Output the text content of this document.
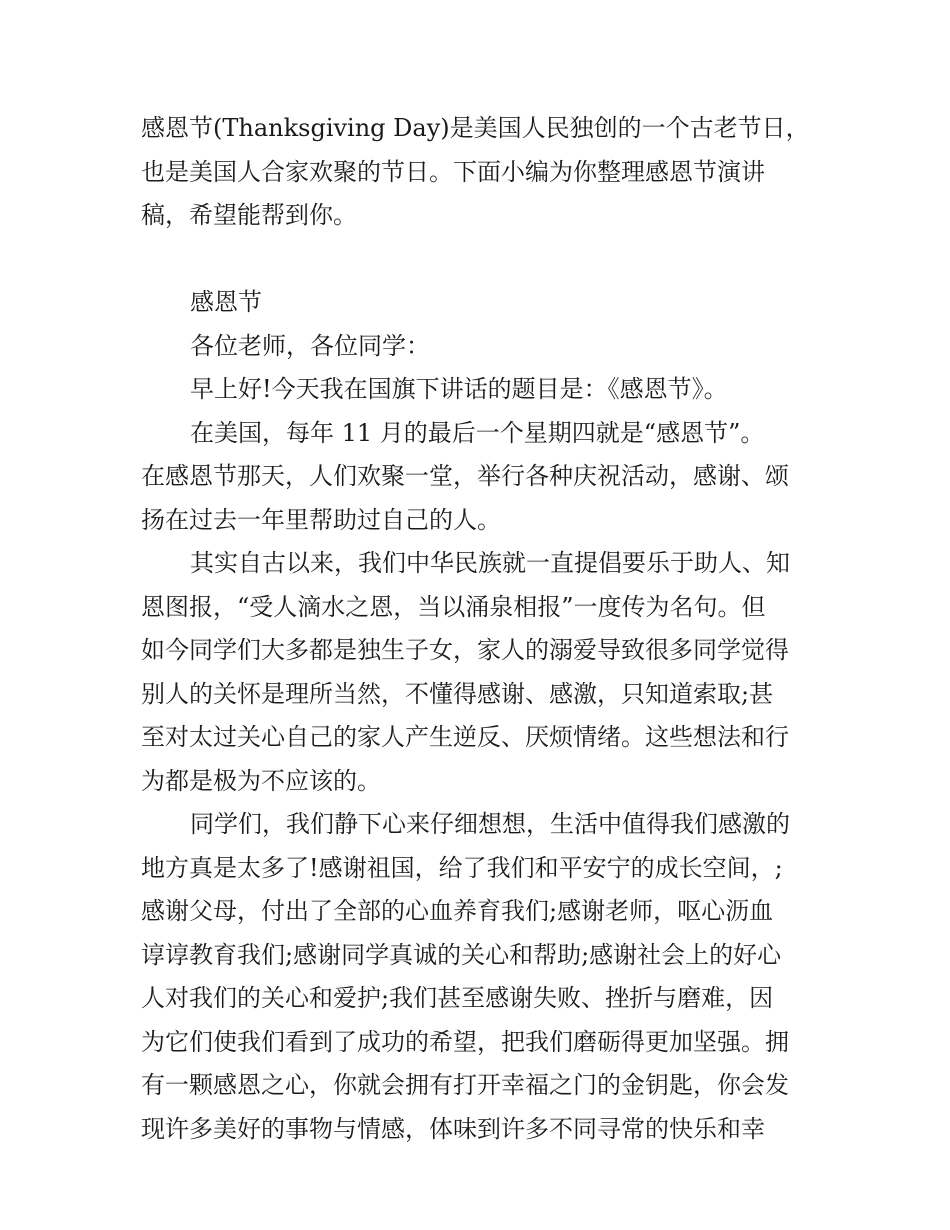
感恩节(Thanksgiving Day)是美国人民独创的一个古老节日，
也是美国人合家欢聚的节日。下面小编为你整理感恩节演讲
稿，希望能帮到你。
感恩节
各位老师，各位同学：
早上好!今天我在国旗下讲话的题目是：《感恩节》。
在美国，每年 11 月的最后一个星期四就是“感恩节”。
在感恩节那天，人们欢聚一堂，举行各种庆祝活动，感谢、颂
扬在过去一年里帮助过自己的人。
其实自古以来，我们中华民族就一直提倡要乐于助人、知
恩图报，“受人滴水之恩，当以涌泉相报”一度传为名句。但
如今同学们大多都是独生子女，家人的溺爱导致很多同学觉得
别人的关怀是理所当然，不懂得感谢、感激，只知道索取;甚
至对太过关心自己的家人产生逆反、厌烦情绪。这些想法和行
为都是极为不应该的。
同学们，我们静下心来仔细想想，生活中值得我们感激的
地方真是太多了!感谢祖国，给了我们和平安宁的成长空间，;
感谢父母，付出了全部的心血养育我们;感谢老师，呕心沥血
谆谆教育我们;感谢同学真诚的关心和帮助;感谢社会上的好心
人对我们的关心和爱护;我们甚至感谢失败、挫折与磨难，因
为它们使我们看到了成功的希望，把我们磨砺得更加坚强。拥
有一颗感恩之心，你就会拥有打开幸福之门的金钥匙，你会发
现许多美好的事物与情感，体味到许多不同寻常的快乐和幸
